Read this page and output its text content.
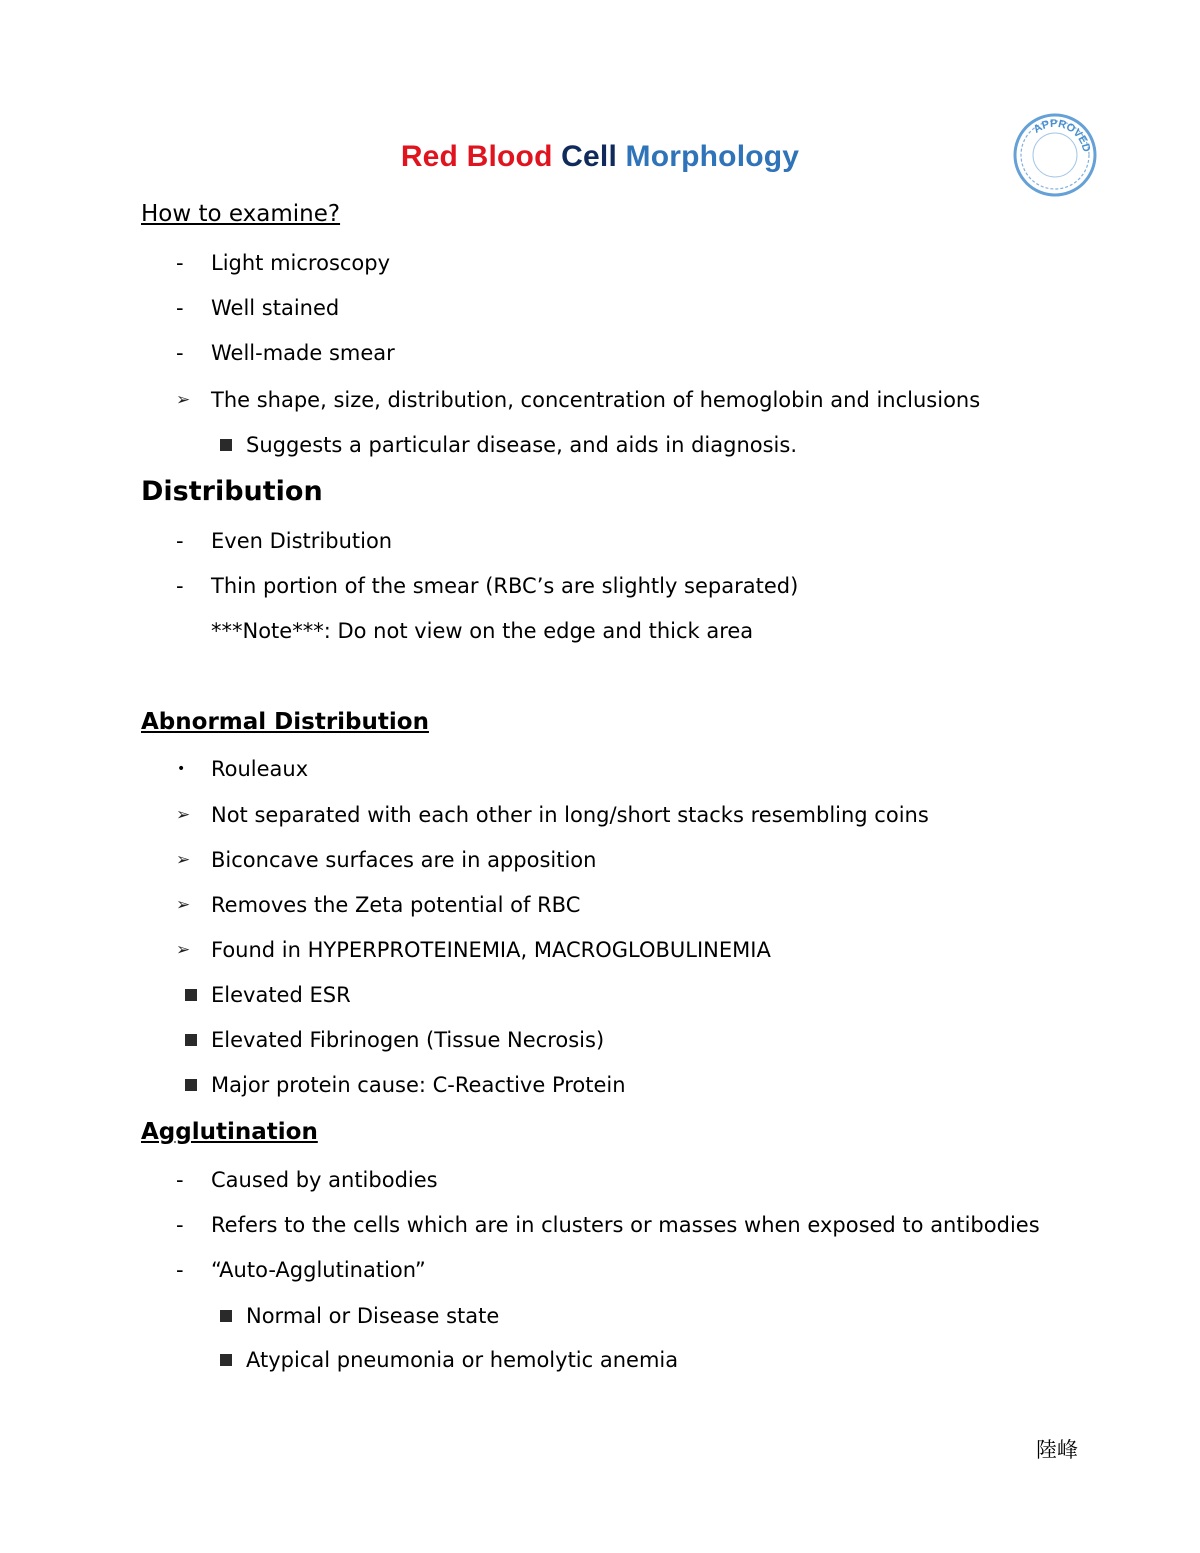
Red Blood Cell Morphology
APPROVED
How to examine?
- Light microscopy
- Well stained
- Well-made smear
➢ The shape, size, distribution, concentration of hemoglobin and inclusions
Suggests a particular disease, and aids in diagnosis.
Distribution
- Even Distribution
- Thin portion of the smear (RBC’s are slightly separated)
***Note***: Do not view on the edge and thick area
Abnormal Distribution
• Rouleaux
➢ Not separated with each other in long/short stacks resembling coins
➢ Biconcave surfaces are in apposition
➢ Removes the Zeta potential of RBC
➢ Found in HYPERPROTEINEMIA, MACROGLOBULINEMIA
Elevated ESR
Elevated Fibrinogen (Tissue Necrosis)
Major protein cause: C-Reactive Protein
Agglutination
- Caused by antibodies
- Refers to the cells which are in clusters or masses when exposed to antibodies
- “Auto-Agglutination”
Normal or Disease state
Atypical pneumonia or hemolytic anemia
陸峰
